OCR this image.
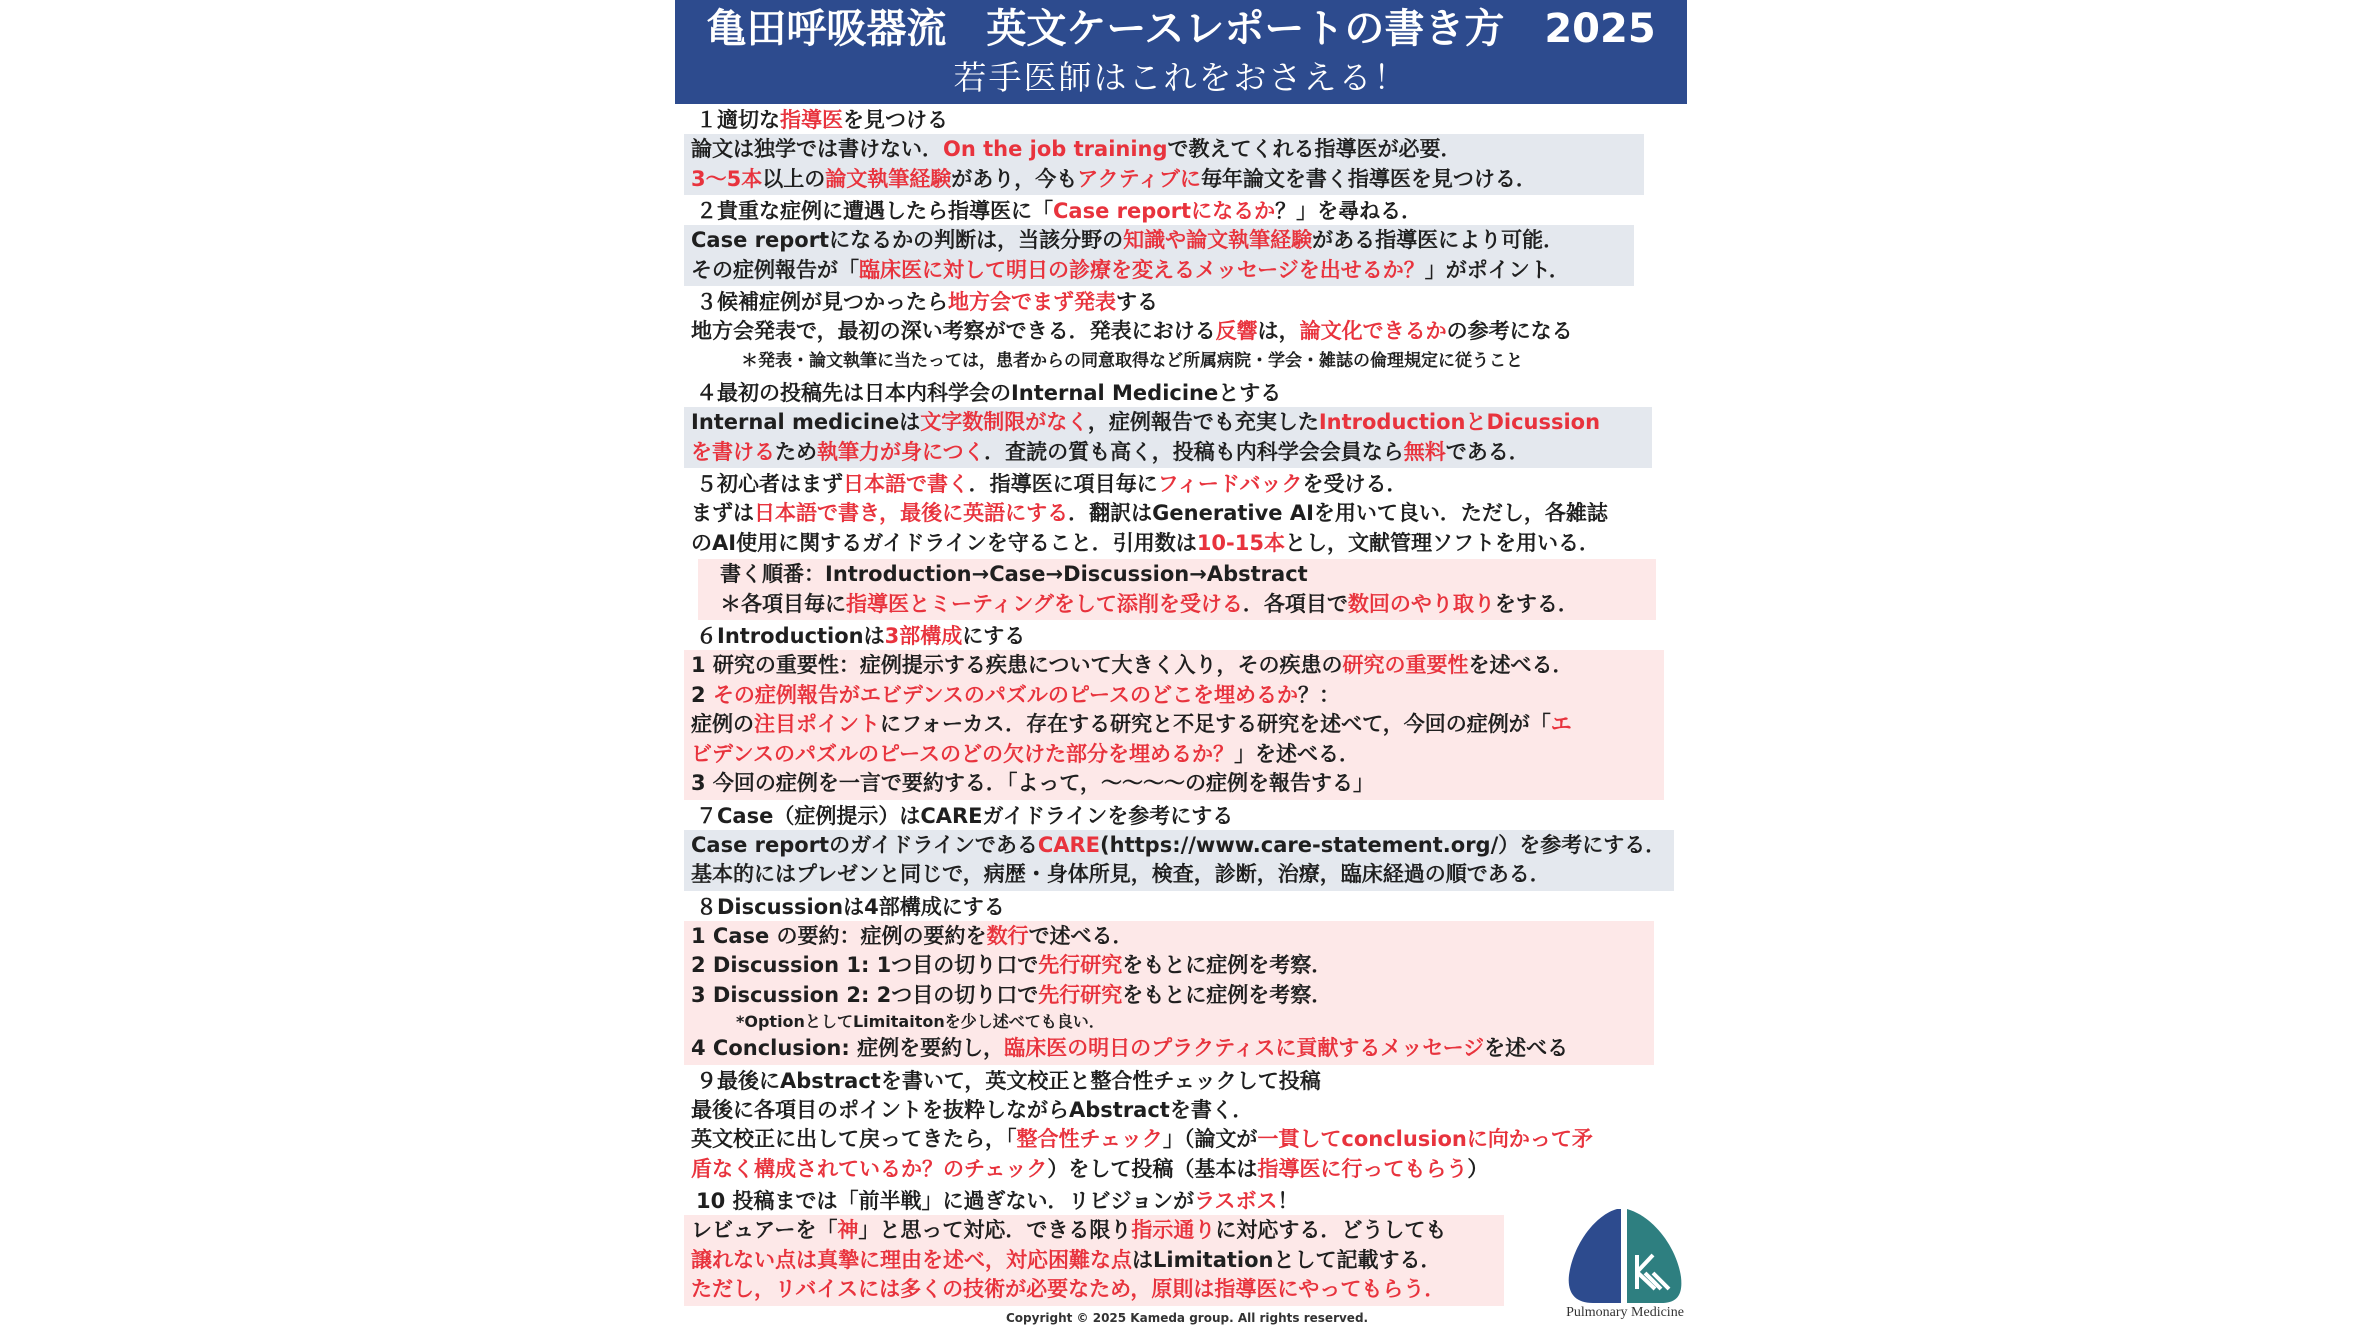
亀田呼吸器流　英文ケースレポートの書き方　2025
若手医師はこれをおさえる！
１適切な指導医を見つける
論文は独学では書けない．On the job trainingで教えてくれる指導医が必要．
3〜5本以上の論文執筆経験があり，今もアクティブに毎年論文を書く指導医を見つける．
２貴重な症例に遭遇したら指導医に「Case reportになるか？」を尋ねる．
Case reportになるかの判断は，当該分野の知識や論文執筆経験がある指導医により可能．
その症例報告が「臨床医に対して明日の診療を変えるメッセージを出せるか？」がポイント．
３候補症例が見つかったら地方会でまず発表する
地方会発表で，最初の深い考察ができる．発表における反響は，論文化できるかの参考になる
＊発表・論文執筆に当たっては，患者からの同意取得など所属病院・学会・雑誌の倫理規定に従うこと
４最初の投稿先は日本内科学会のInternal Medicineとする
Internal medicineは文字数制限がなく，症例報告でも充実したIntroductionとDicussion
を書けるため執筆力が身につく．査読の質も高く，投稿も内科学会会員なら無料である．
５初心者はまず日本語で書く．指導医に項目毎にフィードバックを受ける．
まずは日本語で書き，最後に英語にする．翻訳はGenerative AIを用いて良い．ただし，各雑誌
のAI使用に関するガイドラインを守ること．引用数は10-15本とし，文献管理ソフトを用いる．
書く順番：Introduction→Case→Discussion→Abstract
＊各項目毎に指導医とミーティングをして添削を受ける．各項目で数回のやり取りをする．
６Introductionは3部構成にする
1 研究の重要性：症例提示する疾患について大きく入り，その疾患の研究の重要性を述べる．
2 その症例報告がエビデンスのパズルのピースのどこを埋めるか？：
症例の注目ポイントにフォーカス．存在する研究と不足する研究を述べて，今回の症例が「エ
ビデンスのパズルのピースのどの欠けた部分を埋めるか？」を述べる．
3 今回の症例を一言で要約する．「よって，〜〜〜〜の症例を報告する」
７Case（症例提示）はCAREガイドラインを参考にする
Case reportのガイドラインであるCARE(https://www.care-statement.org/）を参考にする．
基本的にはプレゼンと同じで，病歴・身体所見，検査，診断，治療，臨床経過の順である．
８Discussionは4部構成にする
1 Case の要約：症例の要約を数行で述べる．
2 Discussion 1: 1つ目の切り口で先行研究をもとに症例を考察．
3 Discussion 2: 2つ目の切り口で先行研究をもとに症例を考察．
*OptionとしてLimitaitonを少し述べても良い．
4 Conclusion: 症例を要約し，臨床医の明日のプラクティスに貢献するメッセージを述べる
９最後にAbstractを書いて，英文校正と整合性チェックして投稿
最後に各項目のポイントを抜粋しながらAbstractを書く．
英文校正に出して戻ってきたら，「整合性チェック」（論文が一貫してconclusionに向かって矛
盾なく構成されているか？のチェック）をして投稿（基本は指導医に行ってもらう）
10 投稿までは「前半戦」に過ぎない．リビジョンがラスボス！
レビュアーを「神」と思って対応．できる限り指示通りに対応する．どうしても
譲れない点は真摯に理由を述べ，対応困難な点はLimitationとして記載する．
ただし，リバイスには多くの技術が必要なため，原則は指導医にやってもらう．
Copyright © 2025 Kameda group. All rights reserved.	Pulmonary Medicine
